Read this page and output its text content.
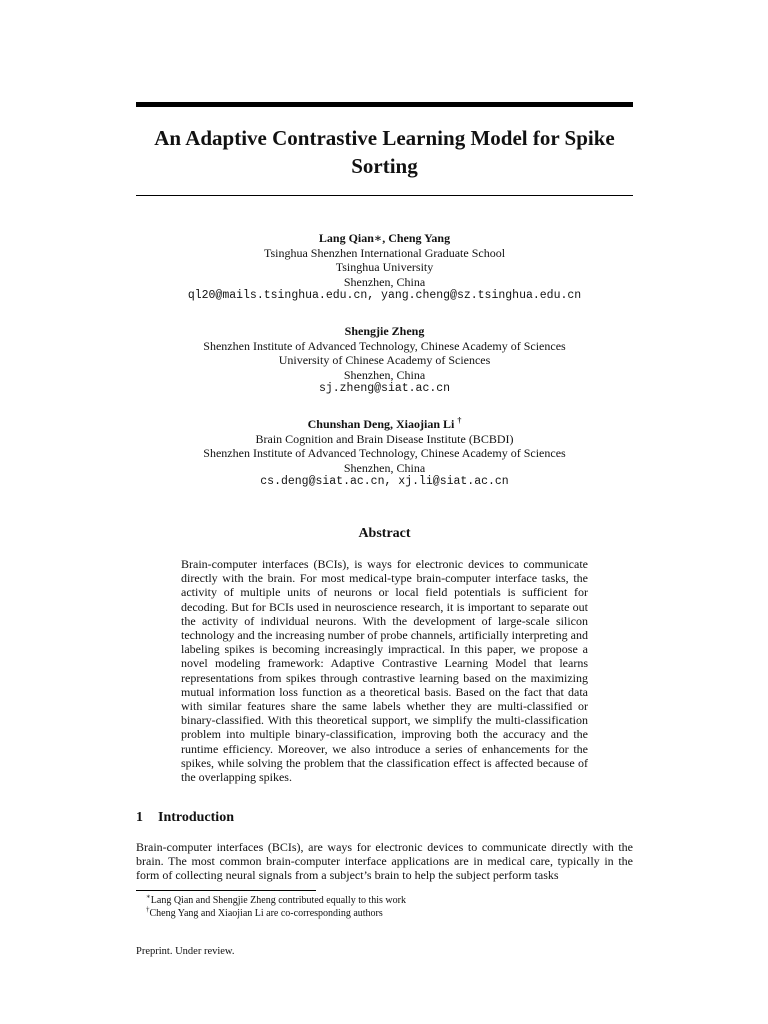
An Adaptive Contrastive Learning Model for Spike Sorting
Lang Qian∗, Cheng Yang
Tsinghua Shenzhen International Graduate School
Tsinghua University
Shenzhen, China
ql20@mails.tsinghua.edu.cn, yang.cheng@sz.tsinghua.edu.cn
Shengjie Zheng
Shenzhen Institute of Advanced Technology, Chinese Academy of Sciences
University of Chinese Academy of Sciences
Shenzhen, China
sj.zheng@siat.ac.cn
Chunshan Deng, Xiaojian Li †
Brain Cognition and Brain Disease Institute (BCBDI)
Shenzhen Institute of Advanced Technology, Chinese Academy of Sciences
Shenzhen, China
cs.deng@siat.ac.cn, xj.li@siat.ac.cn
Abstract
Brain-computer interfaces (BCIs), is ways for electronic devices to communicate directly with the brain. For most medical-type brain-computer interface tasks, the activity of multiple units of neurons or local field potentials is sufficient for decoding. But for BCIs used in neuroscience research, it is important to separate out the activity of individual neurons. With the development of large-scale silicon technology and the increasing number of probe channels, artificially interpreting and labeling spikes is becoming increasingly impractical. In this paper, we propose a novel modeling framework: Adaptive Contrastive Learning Model that learns representations from spikes through contrastive learning based on the maximizing mutual information loss function as a theoretical basis. Based on the fact that data with similar features share the same labels whether they are multi-classified or binary-classified. With this theoretical support, we simplify the multi-classification problem into multiple binary-classification, improving both the accuracy and the runtime efficiency. Moreover, we also introduce a series of enhancements for the spikes, while solving the problem that the classification effect is affected because of the overlapping spikes.
1 Introduction
Brain-computer interfaces (BCIs), are ways for electronic devices to communicate directly with the brain. The most common brain-computer interface applications are in medical care, typically in the form of collecting neural signals from a subject’s brain to help the subject perform tasks
∗Lang Qian and Shengjie Zheng contributed equally to this work
†Cheng Yang and Xiaojian Li are co-corresponding authors
Preprint. Under review.
